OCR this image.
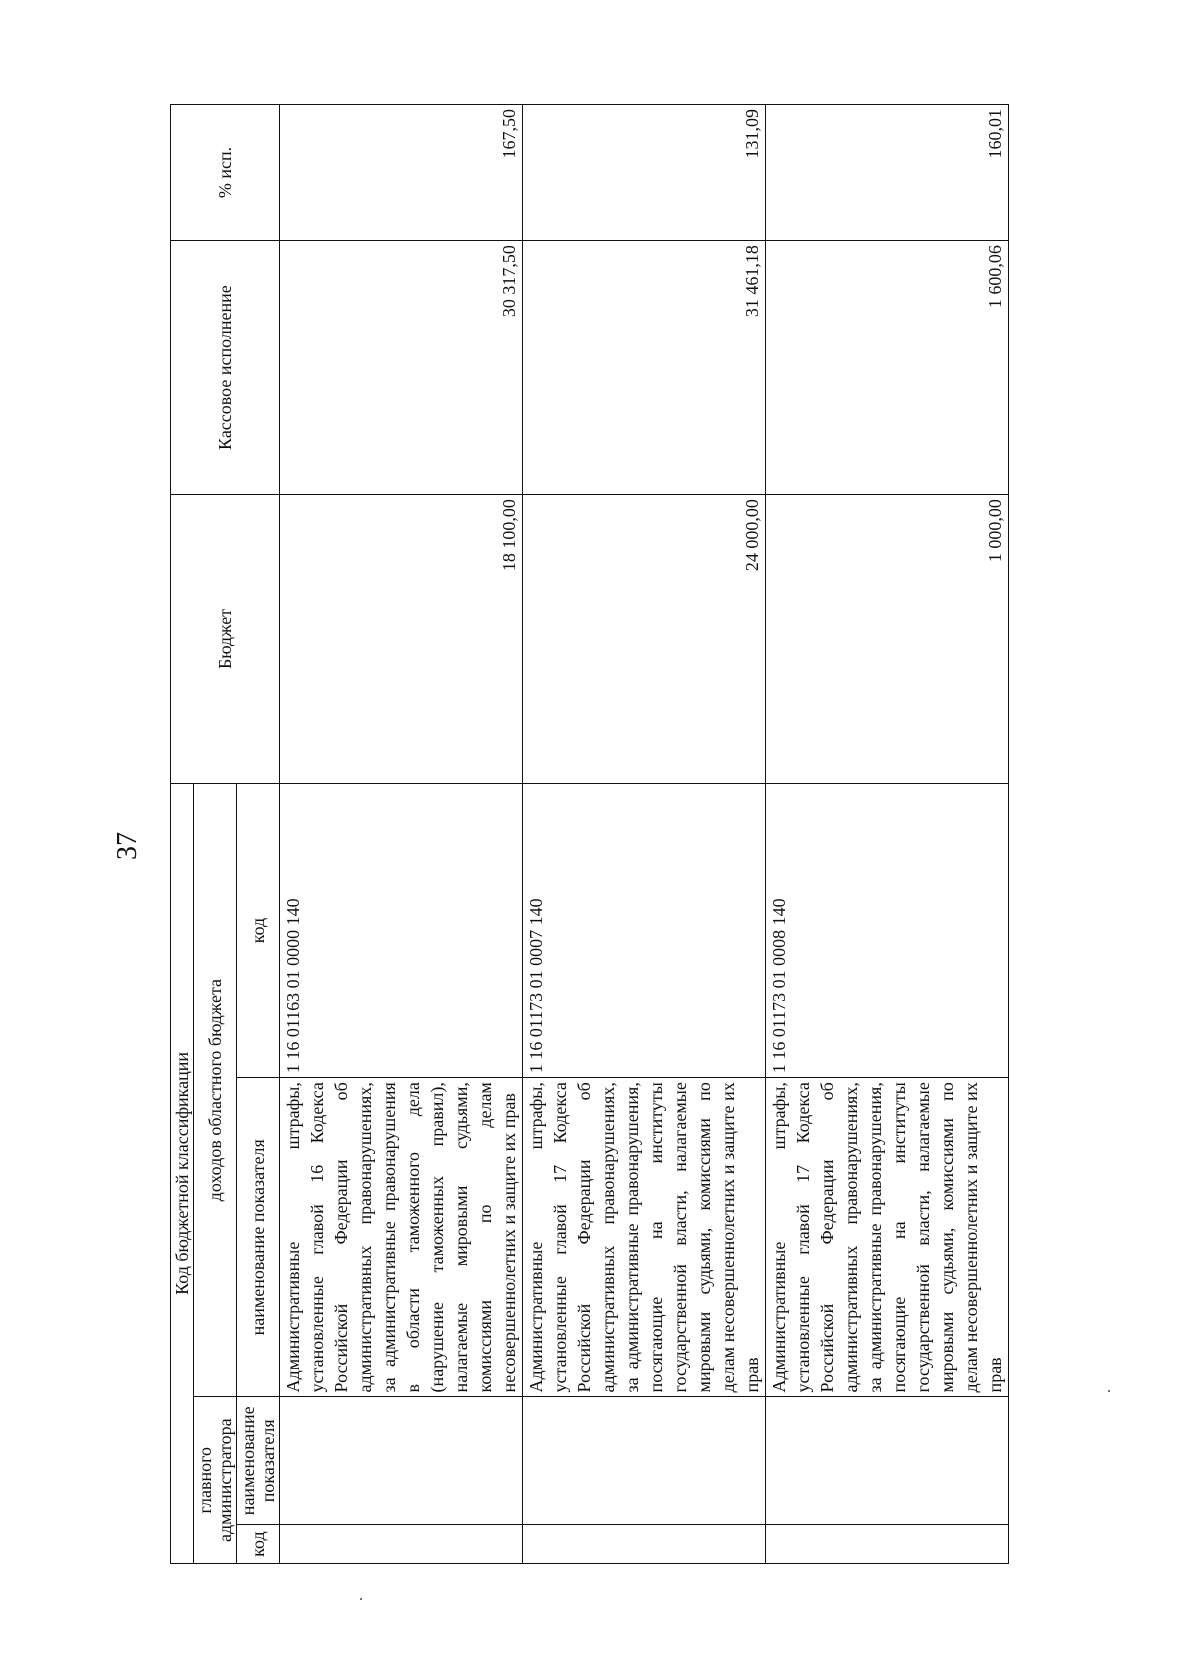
37
Код бюджетной классификации				Бюджет	Кассовое исполнение	% исп.
главного администратора		доходов областного бюджета				
код	наименование показателя	наименование показателя	код			
		Административные штрафы, установленные главой 16 Кодекса Российской Федерации об административных правонарушениях, за административные правонарушения в области таможенного дела (нарушение таможенных правил), налагаемые мировыми судьями, комиссиями по делам несовершеннолетних и защите их прав	1 16 01163 01 0000 140	18 100,00	30 317,50	167,50
		Административные штрафы, установленные главой 17 Кодекса Российской Федерации об административных правонарушениях, за административные правонарушения, посягающие на институты государственной власти, налагаемые мировыми судьями, комиссиями по делам несовершеннолетних и защите их прав	1 16 01173 01 0007 140	24 000,00	31 461,18	131,09
		Административные штрафы, установленные главой 17 Кодекса Российской Федерации об административных правонарушениях, за административные правонарушения, посягающие на институты государственной власти, налагаемые мировыми судьями, комиссиями по делам несовершеннолетних и защите их прав	1 16 01173 01 0008 140	1 000,00	1 600,06	160,01
